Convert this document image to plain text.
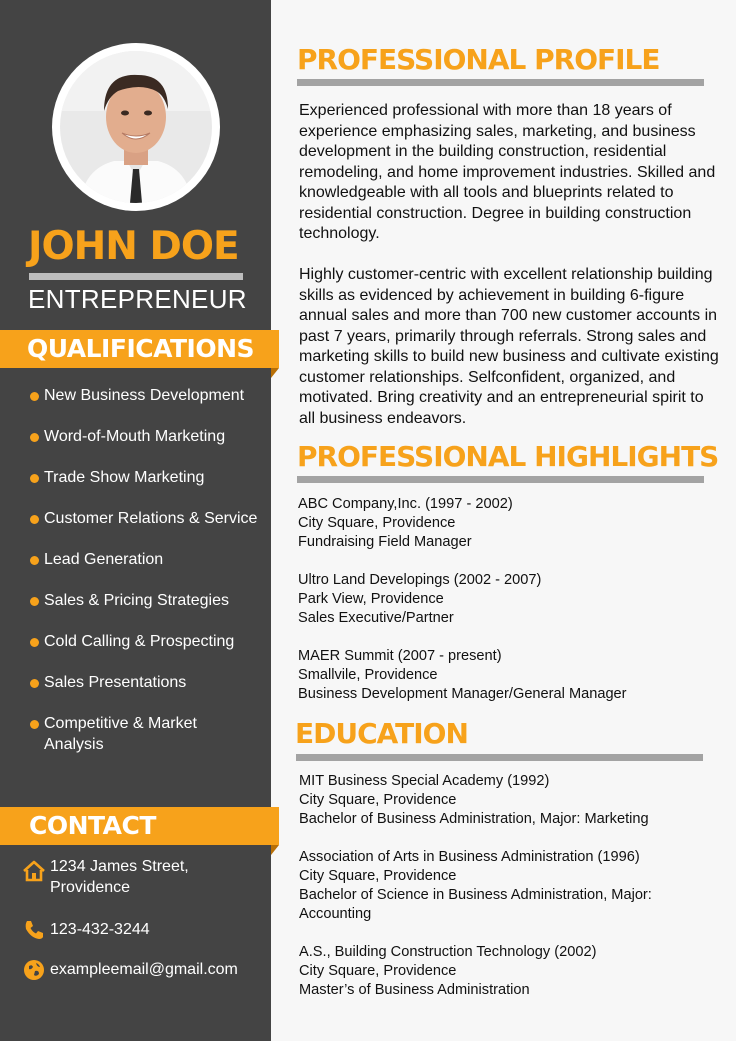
JOHN DOE
ENTREPRENEUR
QUALIFICATIONS
New Business Development
Word-of-Mouth Marketing
Trade Show Marketing
Customer Relations & Service
Lead Generation
Sales & Pricing Strategies
Cold Calling & Prospecting
Sales Presentations
Competitive & Market Analysis
CONTACT
1234 James Street,
Providence
123-432-3244
exampleemail@gmail.com
PROFESSIONAL PROFILE

Experienced professional with more than 18 years of experience emphasizing sales, marketing, and business development in the building construction, residential remodeling, and home improvement industries. Skilled and knowledgeable with all tools and blueprints related to residential construction. Degree in building construction technology.

Highly customer-centric with excellent relationship building skills as evidenced by achievement in building 6-figure annual sales and more than 700 new customer accounts in past 7 years, primarily through referrals. Strong sales and marketing skills to build new business and cultivate existing customer relationships. Selfconfident, organized, and motivated. Bring creativity and an entrepreneurial spirit to all business endeavors.

PROFESSIONAL HIGHLIGHTS
ABC Company,Inc. (1997 - 2002)
City Square, Providence
Fundraising Field Manager
Ultro Land Developings (2002 - 2007)
Park View, Providence
Sales Executive/Partner
MAER Summit (2007 - present)
Smallvile, Providence
Business Development Manager/General Manager
EDUCATION
MIT Business Special Academy (1992)
City Square, Providence
Bachelor of Business Administration, Major: Marketing
Association of Arts in Business Administration (1996)
City Square, Providence
Bachelor of Science in Business Administration, Major: Accounting
A.S., Building Construction Technology (2002)
City Square, Providence
Master’s of Business Administration
